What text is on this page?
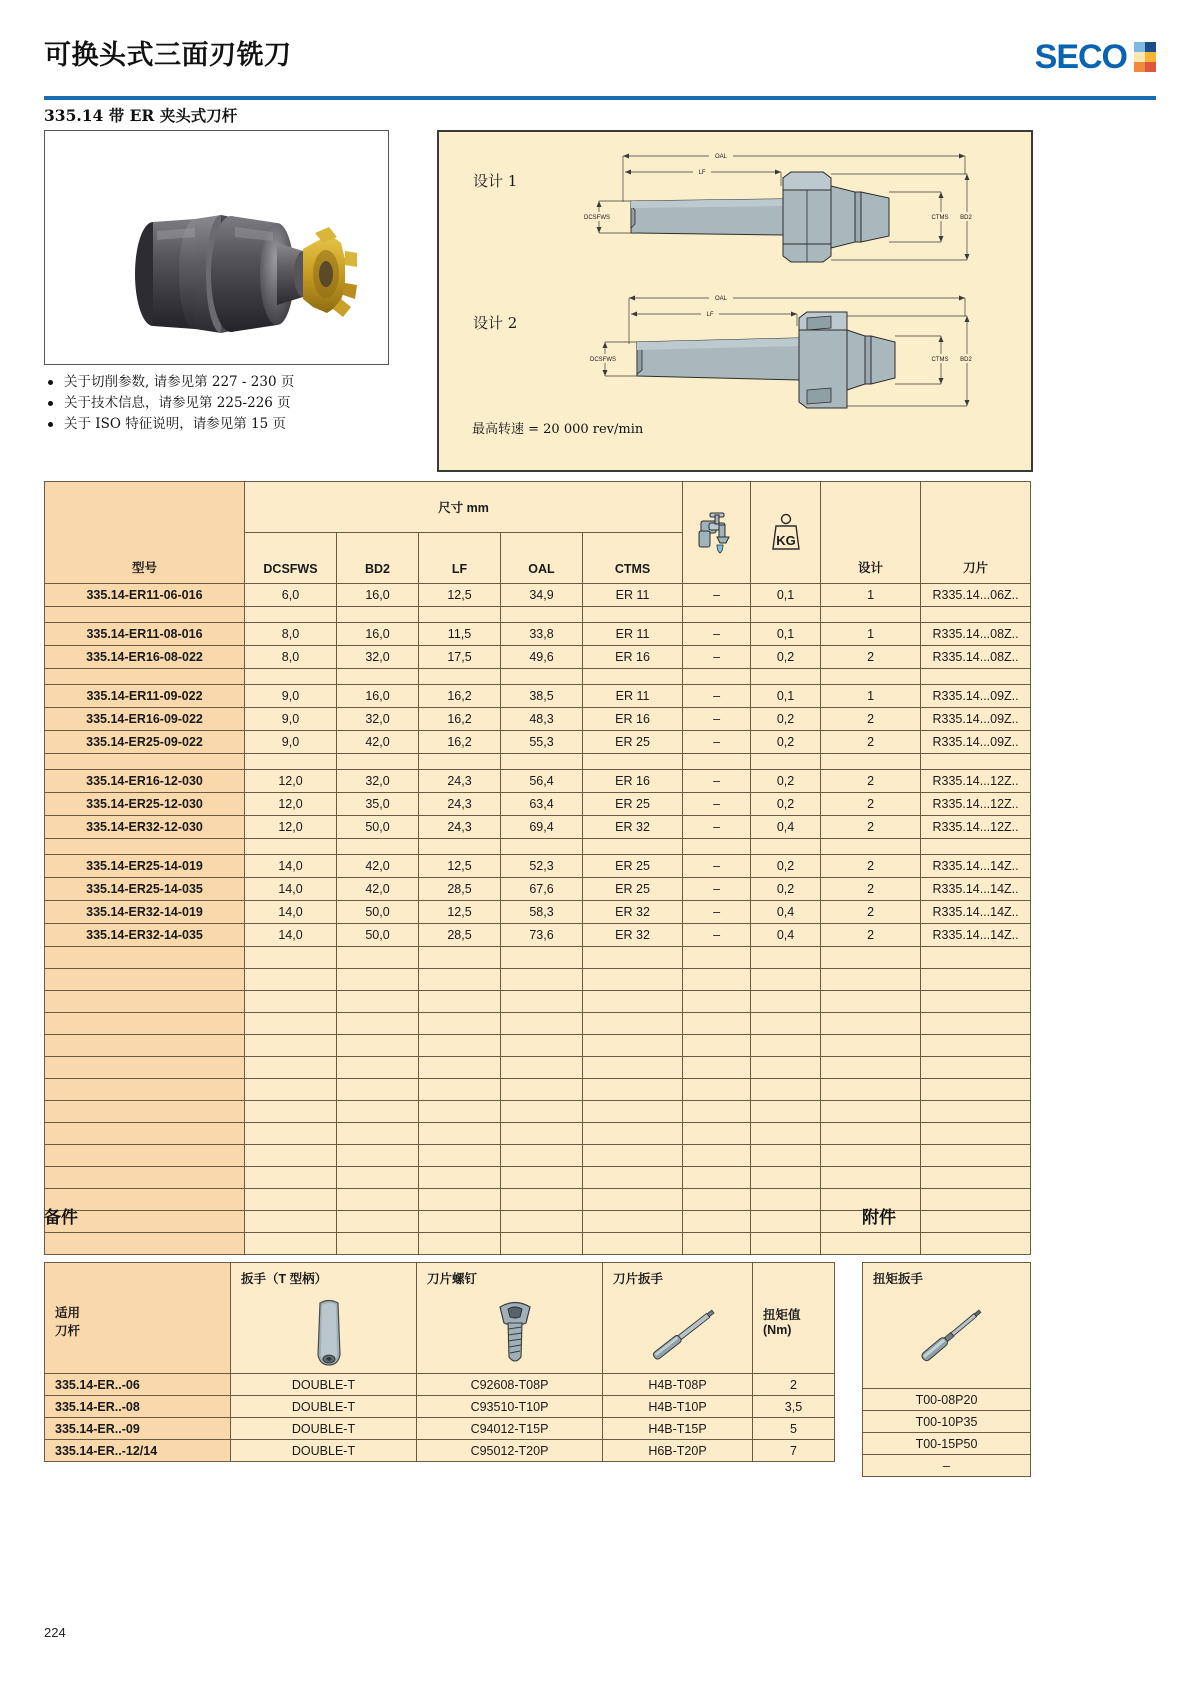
可换头式三面刃铣刀	SECO
335.14 带 ER 夹头式刀杆
关于切削参数, 请参见第 227 - 230 页
关于技术信息，请参见第 225-226 页
关于 ISO 特征说明，请参见第 15 页
设计 1
设计 2
最高转速 = 20 000 rev/min
OAL
LF
DCSFWS	CTMS BD2
OAL
LF
DCSFWS	CTMS BD2
型号	尺寸 mm						KG	设计	刀片
	DCSFWS	BD2	LF	OAL	CTMS				
335.14-ER11-06-016	6,0	16,0	12,5	34,9	ER 11	–	0,1	1	R335.14...06Z..

335.14-ER11-08-016	8,0	16,0	11,5	33,8	ER 11	–	0,1	1	R335.14...08Z..
335.14-ER16-08-022	8,0	32,0	17,5	49,6	ER 16	–	0,2	2	R335.14...08Z..

335.14-ER11-09-022	9,0	16,0	16,2	38,5	ER 11	–	0,1	1	R335.14...09Z..
335.14-ER16-09-022	9,0	32,0	16,2	48,3	ER 16	–	0,2	2	R335.14...09Z..
335.14-ER25-09-022	9,0	42,0	16,2	55,3	ER 25	–	0,2	2	R335.14...09Z..

335.14-ER16-12-030	12,0	32,0	24,3	56,4	ER 16	–	0,2	2	R335.14...12Z..
335.14-ER25-12-030	12,0	35,0	24,3	63,4	ER 25	–	0,2	2	R335.14...12Z..
335.14-ER32-12-030	12,0	50,0	24,3	69,4	ER 32	–	0,4	2	R335.14...12Z..

335.14-ER25-14-019	14,0	42,0	12,5	52,3	ER 25	–	0,2	2	R335.14...14Z..
335.14-ER25-14-035	14,0	42,0	28,5	67,6	ER 25	–	0,2	2	R335.14...14Z..
335.14-ER32-14-019	14,0	50,0	12,5	58,3	ER 32	–	0,4	2	R335.14...14Z..
335.14-ER32-14-035	14,0	50,0	28,5	73,6	ER 32	–	0,4	2	R335.14...14Z..

备件	附件
适用
刀杆

扳手（T 型柄）	刀片螺钉	刀片扳手

扭矩值
(Nm)

335.14-ER..-06	DOUBLE-T	C92608-T08P	H4B-T08P	2
335.14-ER..-08	DOUBLE-T	C93510-T10P	H4B-T10P	3,5
335.14-ER..-09	DOUBLE-T	C94012-T15P	H4B-T15P	5
335.14-ER..-12/14	DOUBLE-T	C95012-T20P	H6B-T20P	7
扭矩扳手

T00-08P20
T00-10P35
T00-15P50
–
224
